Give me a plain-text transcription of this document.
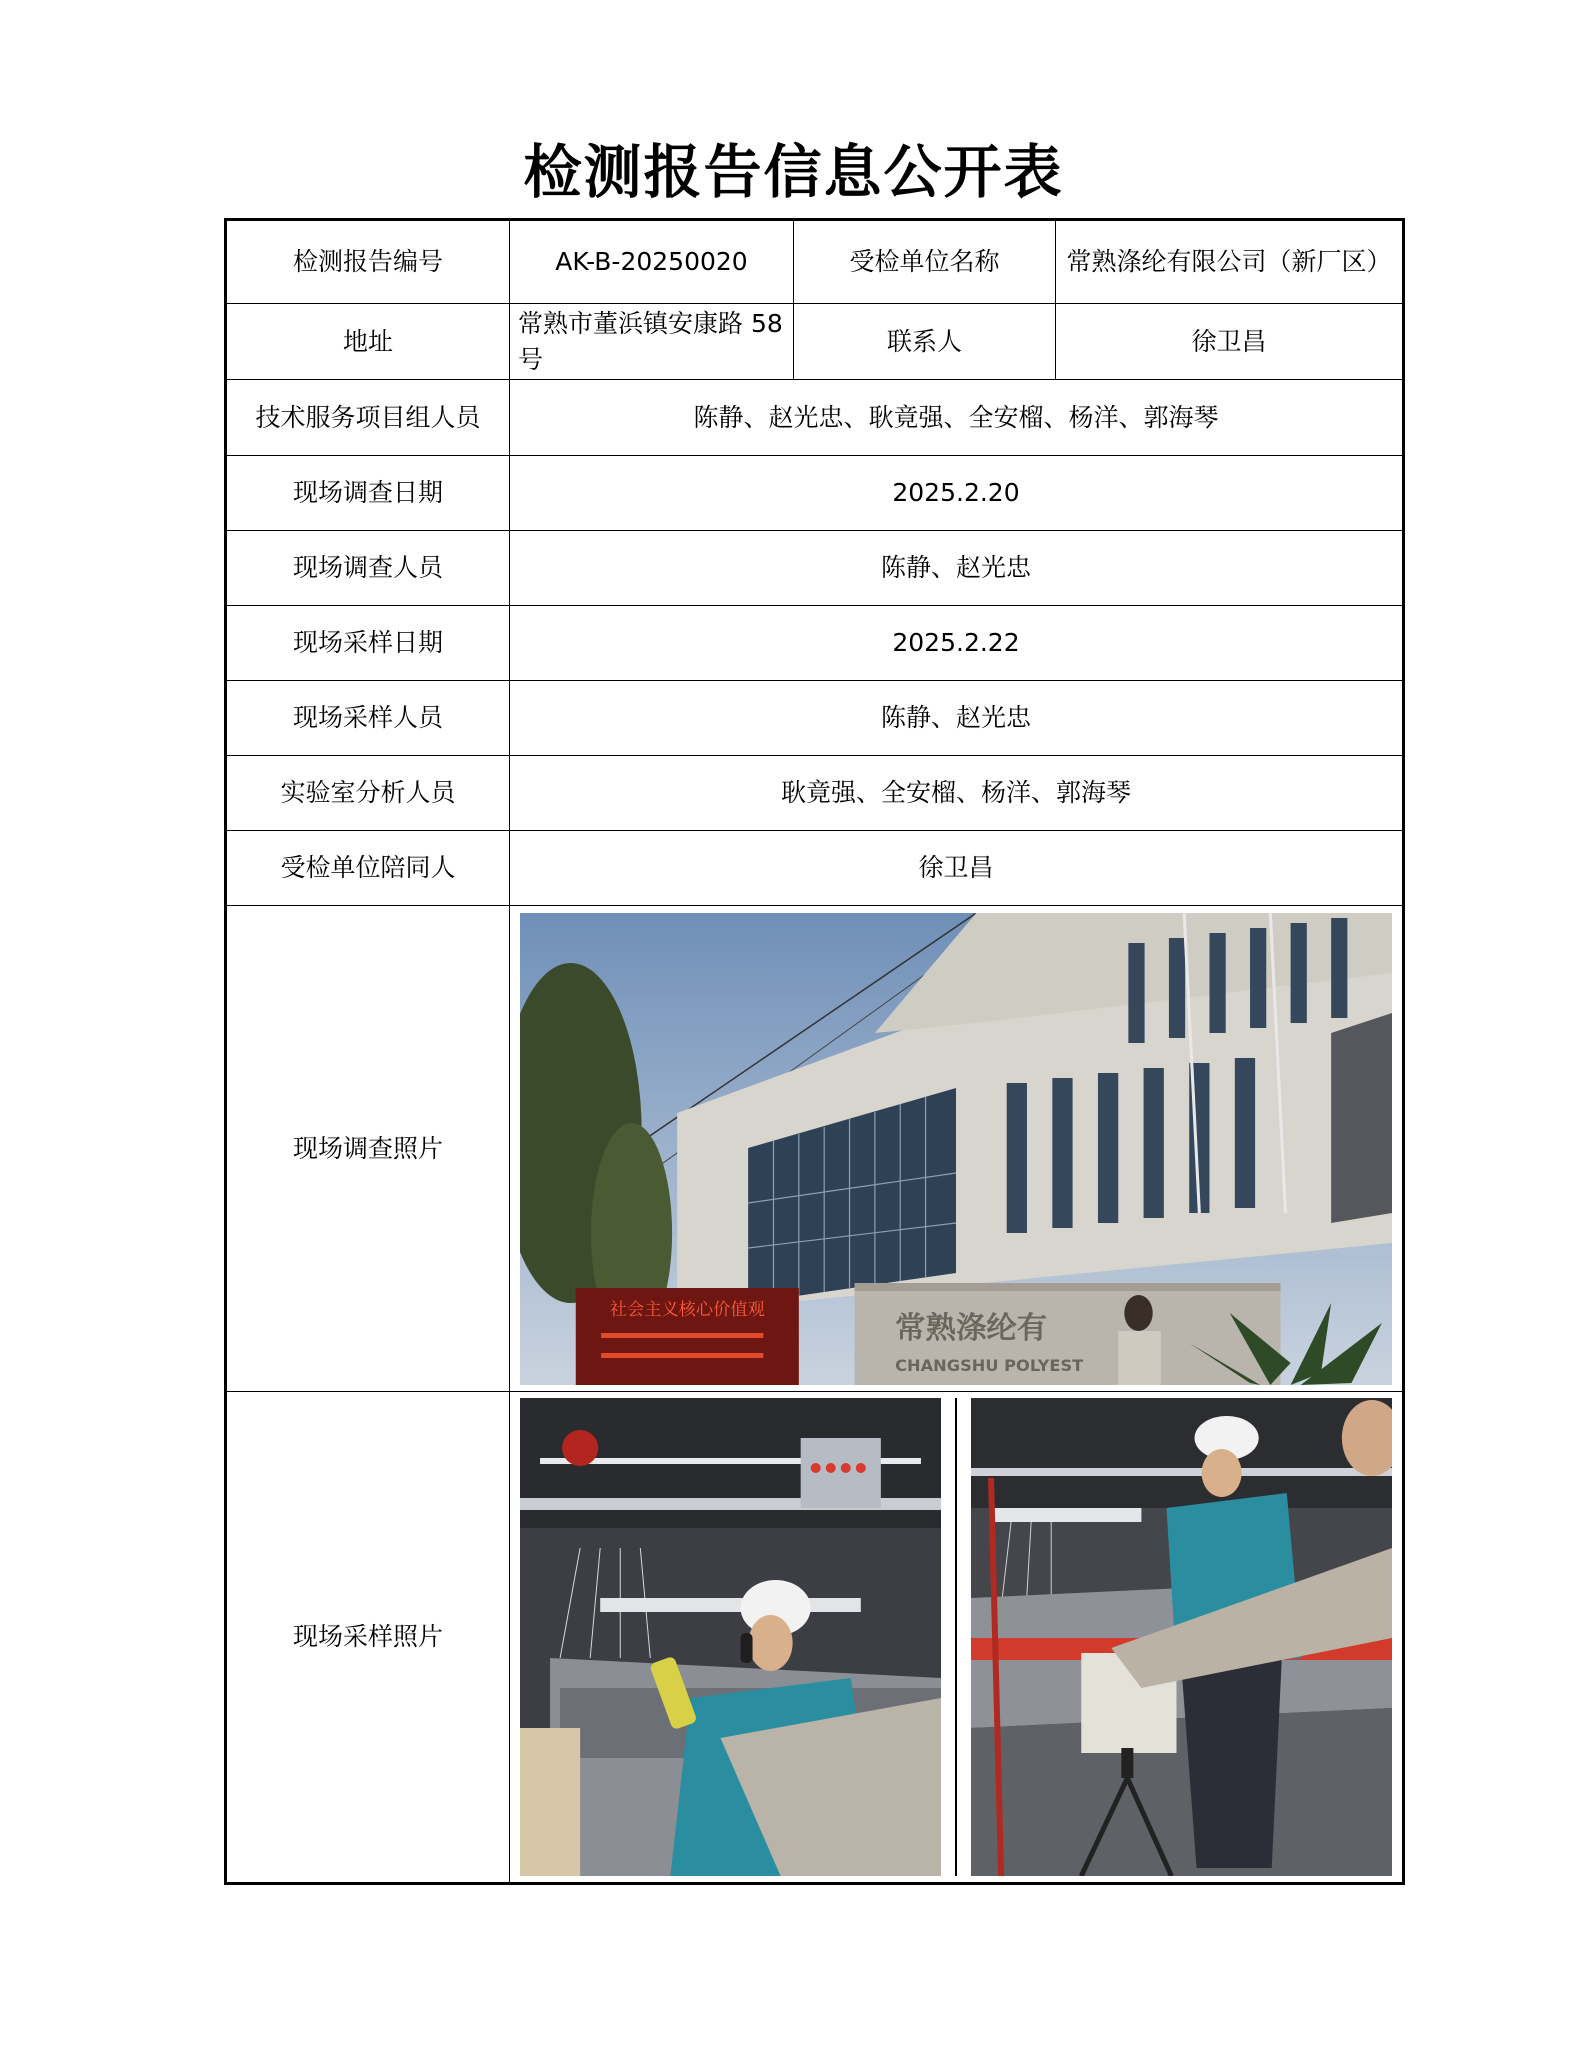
检测报告信息公开表
检测报告编号	AK-B-20250020	受检单位名称	常熟涤纶有限公司（新厂区）
地址	常熟市董浜镇安康路 58 号	联系人	徐卫昌
技术服务项目组人员	陈静、赵光忠、耿竟强、全安榴、杨洋、郭海琴		
现场调查日期	2025.2.20		
现场调查人员	陈静、赵光忠		
现场采样日期	2025.2.22		
现场采样人员	陈静、赵光忠		
实验室分析人员	耿竟强、全安榴、杨洋、郭海琴		
受检单位陪同人	徐卫昌		
现场调查照片	社会主义核心价值观
常熟涤纶有
CHANGSHU POLYEST		

现场采样照片	
